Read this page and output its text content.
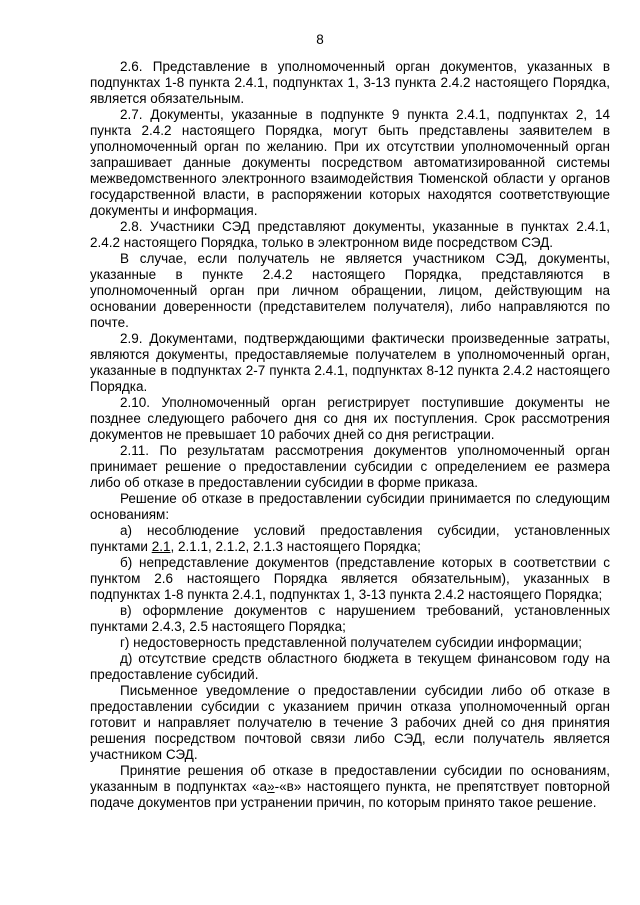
8

2.6. Представление в уполномоченный орган документов, указанных в подпунктах 1-8 пункта 2.4.1, подпунктах 1, 3-13 пункта 2.4.2 настоящего Порядка, является обязательным.

2.7. Документы, указанные в подпункте 9 пункта 2.4.1, подпунктах 2, 14 пункта 2.4.2 настоящего Порядка, могут быть представлены заявителем в уполномоченный орган по желанию. При их отсутствии уполномоченный орган запрашивает данные документы посредством автоматизированной системы межведомственного электронного взаимодействия Тюменской области у органов государственной власти, в распоряжении которых находятся соответствующие документы и информация.

2.8. Участники СЭД представляют документы, указанные в пунктах 2.4.1, 2.4.2 настоящего Порядка, только в электронном виде посредством СЭД.

В случае, если получатель не является участником СЭД, документы, указанные в пункте 2.4.2 настоящего Порядка, представляются в уполномоченный орган при личном обращении, лицом, действующим на основании доверенности (представителем получателя), либо направляются по почте.

2.9. Документами, подтверждающими фактически произведенные затраты, являются документы, предоставляемые получателем в уполномоченный орган, указанные в подпунктах 2-7 пункта 2.4.1, подпунктах 8-12 пункта 2.4.2 настоящего Порядка.

2.10. Уполномоченный орган регистрирует поступившие документы не позднее следующего рабочего дня со дня их поступления. Срок рассмотрения документов не превышает 10 рабочих дней со дня регистрации.

2.11. По результатам рассмотрения документов уполномоченный орган принимает решение о предоставлении субсидии с определением ее размера либо об отказе в предоставлении субсидии в форме приказа.

Решение об отказе в предоставлении субсидии принимается по следующим основаниям:

а) несоблюдение условий предоставления субсидии, установленных пунктами 2.1, 2.1.1, 2.1.2, 2.1.3 настоящего Порядка;

б) непредставление документов (представление которых в соответствии с пунктом 2.6 настоящего Порядка является обязательным), указанных в подпунктах 1-8 пункта 2.4.1, подпунктах 1, 3-13 пункта 2.4.2 настоящего Порядка;

в) оформление документов с нарушением требований, установленных пунктами 2.4.3, 2.5 настоящего Порядка;

г) недостоверность представленной получателем субсидии информации;

д) отсутствие средств областного бюджета в текущем финансовом году на предоставление субсидий.

Письменное уведомление о предоставлении субсидии либо об отказе в предоставлении субсидии с указанием причин отказа уполномоченный орган готовит и направляет получателю в течение 3 рабочих дней со дня принятия решения посредством почтовой связи либо СЭД, если получатель является участником СЭД.

Принятие решения об отказе в предоставлении субсидии по основаниям, указанным в подпунктах «а»-«в» настоящего пункта, не препятствует повторной подаче документов при устранении причин, по которым принято такое решение.
